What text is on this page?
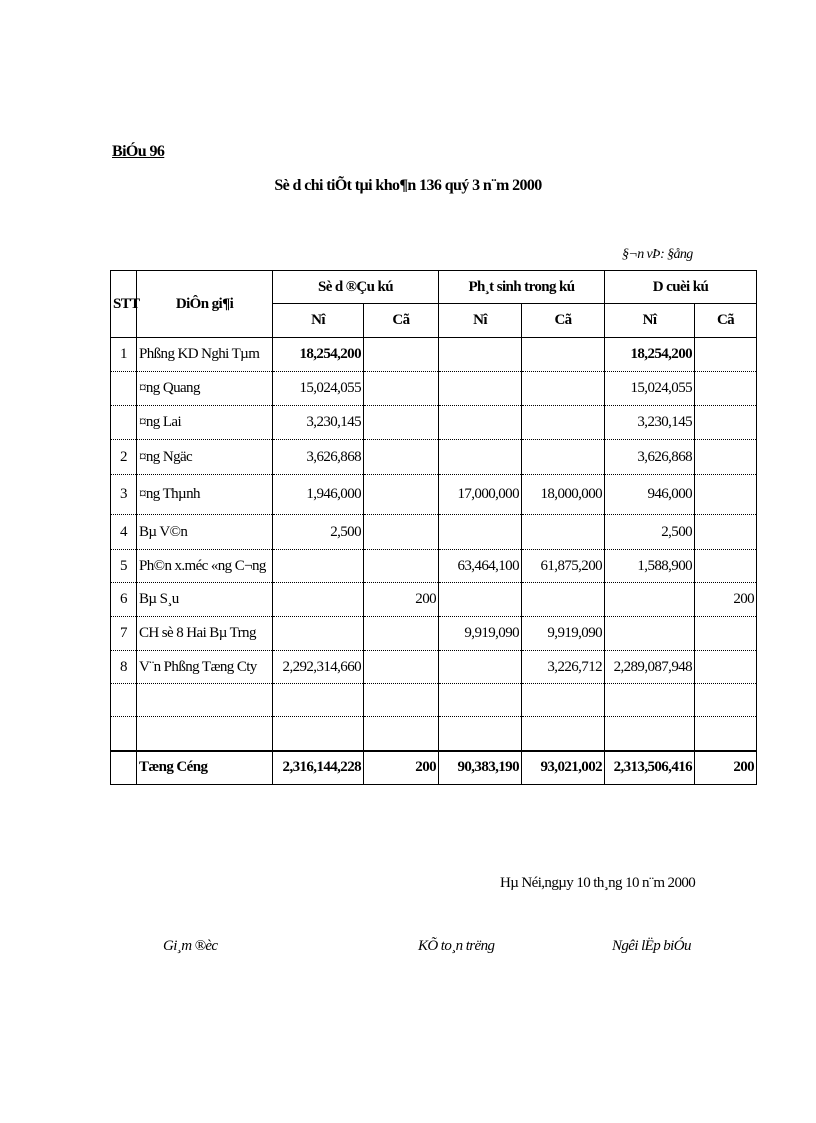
BiÓu 96
Sè d chi tiÕt tµi kho¶n 136 quý 3 n¨m 2000
§¬n vÞ: §ång
STT	DiÔn gi¶i	Sè d ®Çu kú		Ph¸t sinh trong kú		D cuèi kú	
		Nî	Cã	Nî	Cã	Nî	Cã
1	Phßng KD Nghi Tµm	18,254,200				18,254,200	
	¤ng Quang	15,024,055				15,024,055	
	¤ng Lai	3,230,145				3,230,145	
2	¤ng Ngäc	3,626,868				3,626,868	
3	¤ng Thµnh	1,946,000		17,000,000	18,000,000	946,000	
4	Bµ V©n	2,500				2,500	
5	Ph©n x.méc «ng C¬ng			63,464,100	61,875,200	1,588,900	
6	Bµ S¸u		200				200
7	CH sè 8 Hai Bµ Trng			9,919,090	9,919,090		
8	V¨n Phßng Tæng Cty	2,292,314,660			3,226,712	2,289,087,948	

	Tæng Céng	2,316,144,228	200	90,383,190	93,021,002	2,313,506,416	200
Hµ Néi,ngµy 10 th¸ng 10 n¨m 2000
Gi¸m ®èc	KÕ to¸n trëng	Ngêi lËp biÓu
